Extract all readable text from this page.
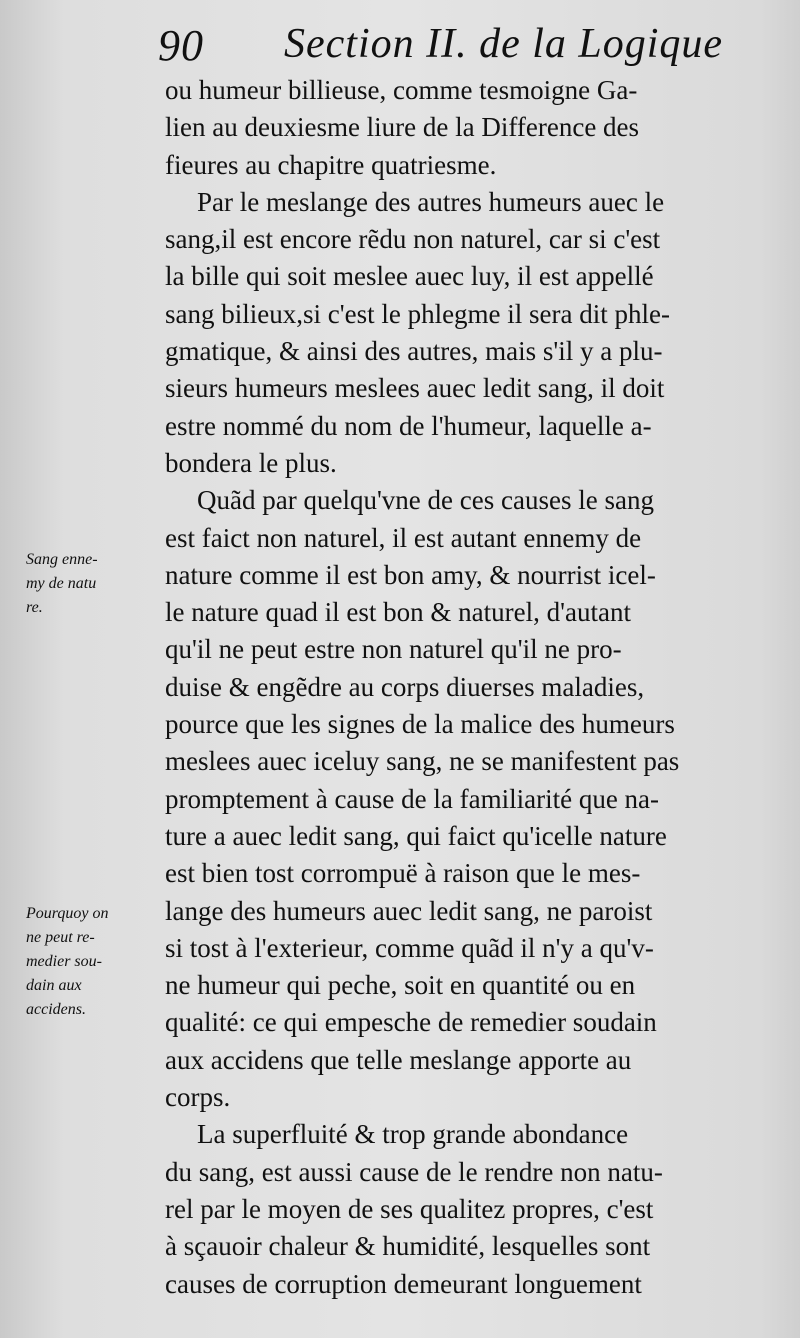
90 Section II. de la Logique
Sang enne-
my de natu
re.
Pourquoy on
ne peut re-
medier sou-
dain aux
accidens.
ou humeur billieuse, comme tesmoigne Ga-
lien au deuxiesme liure de la Difference des
fieures au chapitre quatriesme.
Par le meslange des autres humeurs auec le
sang,il est encore rẽdu non naturel, car si c'est
la bille qui soit meslee auec luy, il est appellé
sang bilieux,si c'est le phlegme il sera dit phle-
gmatique, & ainsi des autres, mais s'il y a plu-
sieurs humeurs meslees auec ledit sang, il doit
estre nommé du nom de l'humeur, laquelle a-
bondera le plus.
Quãd par quelqu'vne de ces causes le sang
est faict non naturel, il est autant ennemy de
nature comme il est bon amy, & nourrist icel-
le nature quad il est bon & naturel, d'autant
qu'il ne peut estre non naturel qu'il ne pro-
duise & engẽdre au corps diuerses maladies,
pource que les signes de la malice des humeurs
meslees auec iceluy sang, ne se manifestent pas
promptement à cause de la familiarité que na-
ture a auec ledit sang, qui faict qu'icelle nature
est bien tost corrompuë à raison que le mes-
lange des humeurs auec ledit sang, ne paroist
si tost à l'exterieur, comme quãd il n'y a qu'v-
ne humeur qui peche, soit en quantité ou en
qualité: ce qui empesche de remedier soudain
aux accidens que telle meslange apporte au
corps.
La superfluité & trop grande abondance
du sang, est aussi cause de le rendre non natu-
rel par le moyen de ses qualitez propres, c'est
à sçauoir chaleur & humidité, lesquelles sont
causes de corruption demeurant longuement
